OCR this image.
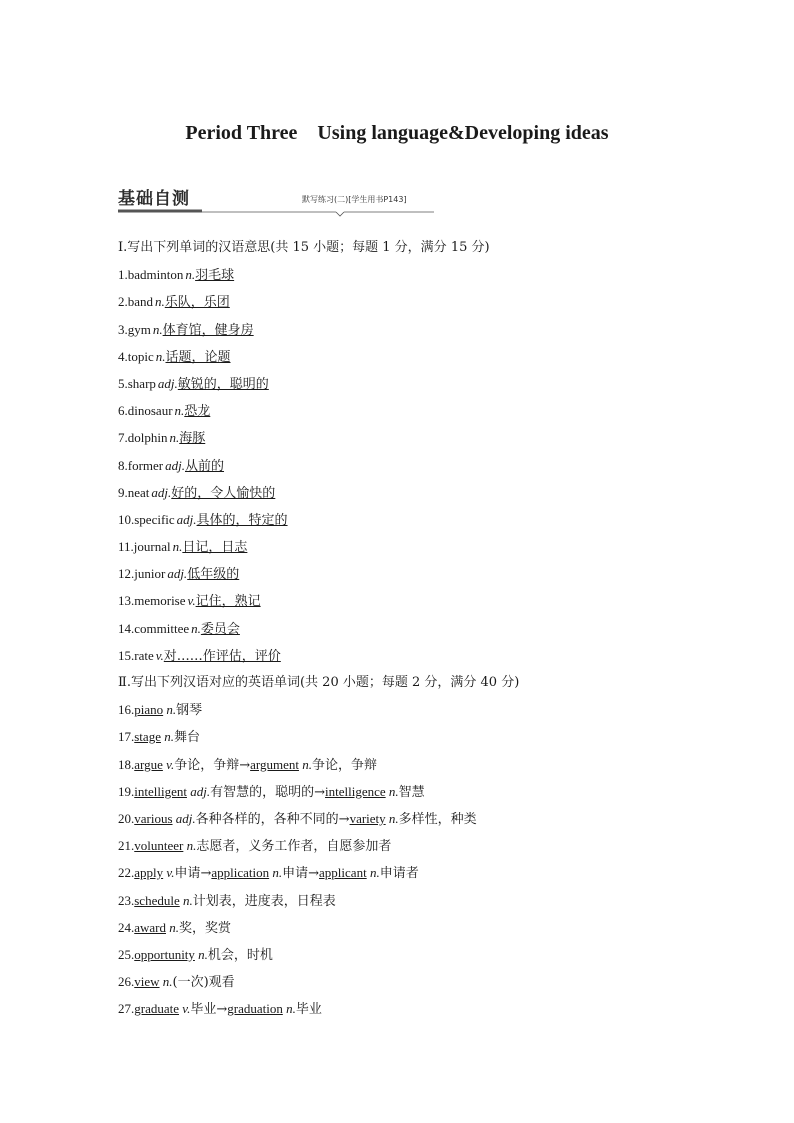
Period Three    Using language&Developing ideas
基础自测	默写练习(二)[学生用书P143]
Ⅰ.写出下列单词的汉语意思(共 15 小题；每题 1 分，满分 15 分)
1.badminton n.羽毛球
2.band n.乐队，乐团
3.gym n.体育馆，健身房
4.topic n.话题，论题
5.sharp adj.敏锐的，聪明的
6.dinosaur n.恐龙
7.dolphin n.海豚
8.former adj.从前的
9.neat adj.好的，令人愉快的
10.specific adj.具体的，特定的
11.journal n.日记，日志
12.junior adj.低年级的
13.memorise v.记住，熟记
14.committee n.委员会
15.rate v.对……作评估，评价
Ⅱ.写出下列汉语对应的英语单词(共 20 小题；每题 2 分，满分 40 分)
16.piano n.钢琴
17.stage n.舞台
18.argue v.争论，争辩→argument n.争论，争辩
19.intelligent adj.有智慧的，聪明的→intelligence n.智慧
20.various adj.各种各样的，各种不同的→variety n.多样性，种类
21.volunteer n.志愿者，义务工作者，自愿参加者
22.apply v.申请→application n.申请→applicant n.申请者
23.schedule n.计划表，进度表，日程表
24.award n.奖，奖赏
25.opportunity n.机会，时机
26.view n.(一次)观看
27.graduate v.毕业→graduation n.毕业
